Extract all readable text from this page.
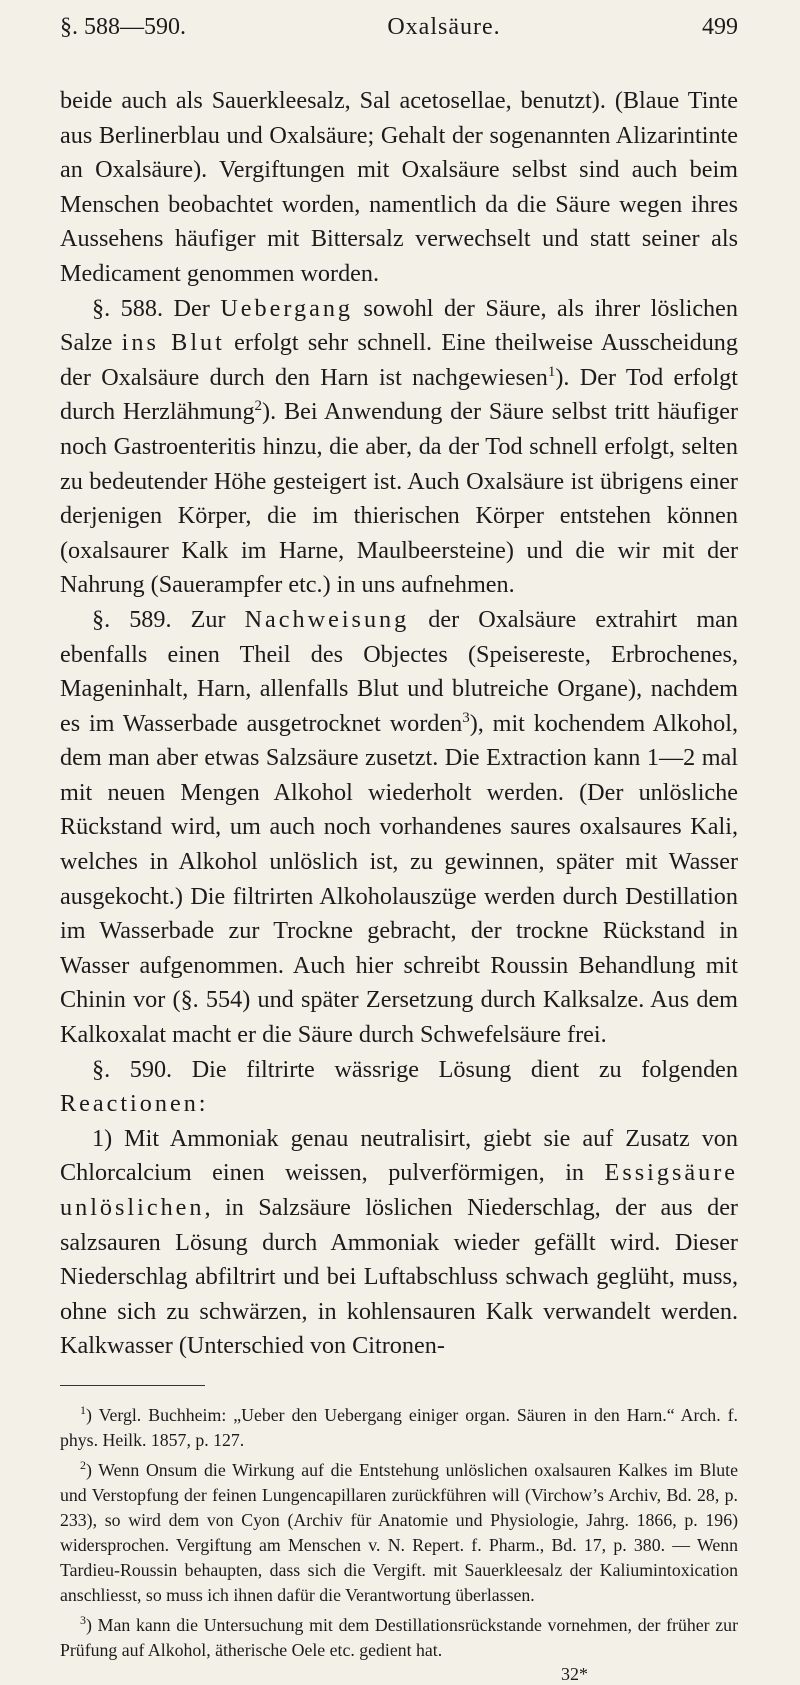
§. 588—590.	Oxalsäure.	499

beide auch als Sauerkleesalz, Sal acetosellae, benutzt). (Blaue Tinte aus Berlinerblau und Oxalsäure; Gehalt der sogenannten Alizarintinte an Oxalsäure). Vergiftungen mit Oxalsäure selbst sind auch beim Menschen beobachtet worden, namentlich da die Säure wegen ihres Aussehens häufiger mit Bittersalz verwechselt und statt seiner als Medicament genommen worden.

§. 588. Der Uebergang sowohl der Säure, als ihrer löslichen Salze ins Blut erfolgt sehr schnell. Eine theilweise Ausscheidung der Oxalsäure durch den Harn ist nachgewiesen$^1$). Der Tod erfolgt durch Herzlähmung$^2$). Bei Anwendung der Säure selbst tritt häufiger noch Gastroenteritis hinzu, die aber, da der Tod schnell erfolgt, selten zu bedeutender Höhe gesteigert ist. Auch Oxalsäure ist übrigens einer derjenigen Körper, die im thierischen Körper entstehen können (oxalsaurer Kalk im Harne, Maulbeersteine) und die wir mit der Nahrung (Sauerampfer etc.) in uns aufnehmen.

§. 589. Zur Nachweisung der Oxalsäure extrahirt man ebenfalls einen Theil des Objectes (Speisereste, Erbrochenes, Mageninhalt, Harn, allenfalls Blut und blutreiche Organe), nachdem es im Wasserbade ausgetrocknet worden$^3$), mit kochendem Alkohol, dem man aber etwas Salzsäure zusetzt. Die Extraction kann 1—2 mal mit neuen Mengen Alkohol wiederholt werden. (Der unlösliche Rückstand wird, um auch noch vorhandenes saures oxalsaures Kali, welches in Alkohol unlöslich ist, zu gewinnen, später mit Wasser ausgekocht.) Die filtrirten Alkoholauszüge werden durch Destillation im Wasserbade zur Trockne gebracht, der trockne Rückstand in Wasser aufgenommen. Auch hier schreibt Roussin Behandlung mit Chinin vor (§. 554) und später Zersetzung durch Kalksalze. Aus dem Kalkoxalat macht er die Säure durch Schwefelsäure frei.

§. 590. Die filtrirte wässrige Lösung dient zu folgenden Reactionen:

1) Mit Ammoniak genau neutralisirt, giebt sie auf Zusatz von Chlorcalcium einen weissen, pulverförmigen, in Essigsäure unlöslichen, in Salzsäure löslichen Niederschlag, der aus der salzsauren Lösung durch Ammoniak wieder gefällt wird. Dieser Niederschlag abfiltrirt und bei Luftabschluss schwach geglüht, muss, ohne sich zu schwärzen, in kohlensauren Kalk verwandelt werden. Kalkwasser (Unterschied von Citronen-

$^1$) Vergl. Buchheim: „Ueber den Uebergang einiger organ. Säuren in den Harn.“ Arch. f. phys. Heilk. 1857, p. 127.

$^2$) Wenn Onsum die Wirkung auf die Entstehung unlöslichen oxalsauren Kalkes im Blute und Verstopfung der feinen Lungencapillaren zurückführen will (Virchow’s Archiv, Bd. 28, p. 233), so wird dem von Cyon (Archiv für Anatomie und Physiologie, Jahrg. 1866, p. 196) widersprochen. Vergiftung am Menschen v. N. Repert. f. Pharm., Bd. 17, p. 380. — Wenn Tardieu-Roussin behaupten, dass sich die Vergift. mit Sauerkleesalz der Kaliumintoxication anschliesst, so muss ich ihnen dafür die Verantwortung überlassen.

$^3$) Man kann die Untersuchung mit dem Destillationsrückstande vornehmen, der früher zur Prüfung auf Alkohol, ätherische Oele etc. gedient hat.

32*
